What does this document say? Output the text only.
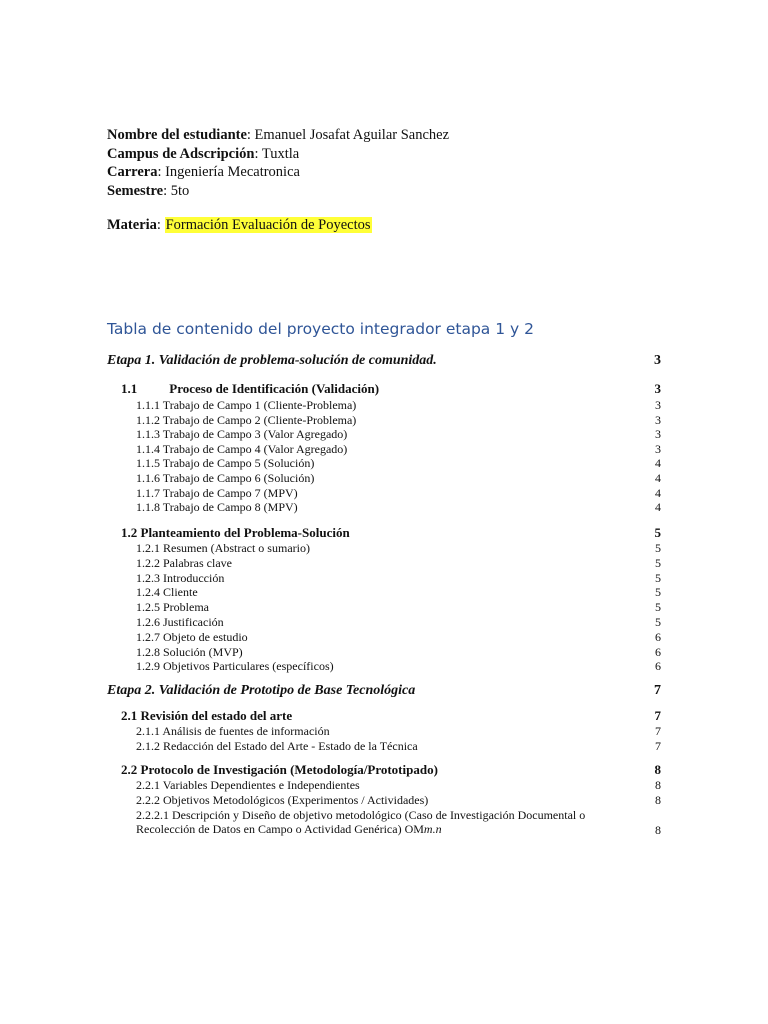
Nombre del estudiante: Emanuel Josafat Aguilar Sanchez
Campus de Adscripción: Tuxtla
Carrera: Ingeniería Mecatronica
Semestre: 5to
Materia: Formación Evaluación de Poyectos
Tabla de contenido del proyecto integrador etapa 1 y 2
Etapa 1. Validación de problema-solución de comunidad.	3
1.1 Proceso de Identificación (Validación)	3
1.1.1 Trabajo de Campo 1 (Cliente-Problema)	3
1.1.2 Trabajo de Campo 2 (Cliente-Problema)	3
1.1.3 Trabajo de Campo 3 (Valor Agregado)	3
1.1.4 Trabajo de Campo 4 (Valor Agregado)	3
1.1.5 Trabajo de Campo 5 (Solución)	4
1.1.6 Trabajo de Campo 6 (Solución)	4
1.1.7 Trabajo de Campo 7 (MPV)	4
1.1.8 Trabajo de Campo 8 (MPV)	4
1.2 Planteamiento del Problema-Solución	5
1.2.1 Resumen (Abstract o sumario)	5
1.2.2 Palabras clave	5
1.2.3 Introducción	5
1.2.4 Cliente	5
1.2.5 Problema	5
1.2.6 Justificación	5
1.2.7 Objeto de estudio	6
1.2.8 Solución (MVP)	6
1.2.9 Objetivos Particulares (específicos)	6
Etapa 2. Validación de Prototipo de Base Tecnológica	7
2.1 Revisión del estado del arte	7
2.1.1 Análisis de fuentes de información	7
2.1.2 Redacción del Estado del Arte - Estado de la Técnica	7
2.2 Protocolo de Investigación (Metodología/Prototipado)	8
2.2.1 Variables Dependientes e Independientes	8
2.2.2 Objetivos Metodológicos (Experimentos / Actividades)	8
2.2.2.1 Descripción y Diseño de objetivo metodológico (Caso de Investigación Documental o
Recolección de Datos en Campo o Actividad Genérica) OMm.n	8
